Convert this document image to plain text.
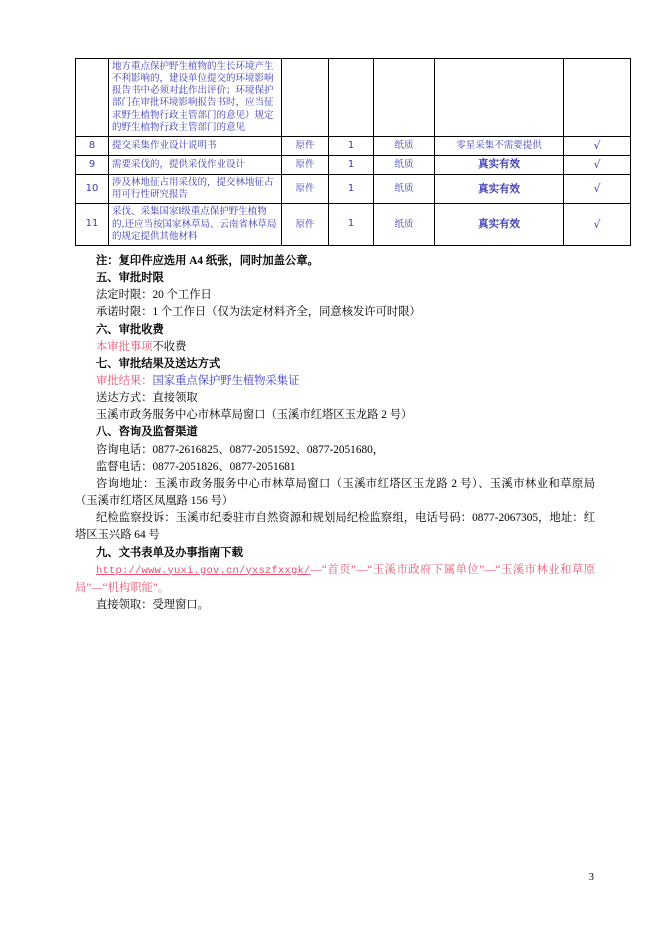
	地方重点保护野生植物的生长环境产生不利影响的，建设单位提交的环境影响报告书中必须对此作出评价；环境保护部门在审批环境影响报告书时，应当征求野生植物行政主管部门的意见）规定的野生植物行政主管部门的意见					
8	提交采集作业设计说明书	原件	1	纸质	零星采集不需要提供	√
9	需要采伐的，提供采伐作业设计	原件	1	纸质	真实有效	√
10	涉及林地征占用采伐的，提交林地征占用可行性研究报告	原件	1	纸质	真实有效	√
11	采伐、采集国家Ⅰ级重点保护野生植物的,还应当按国家林草局、云南省林草局的规定提供其他材料	原件	1	纸质	真实有效	√

注：复印件应选用 A4 纸张，同时加盖公章。

五、审批时限

法定时限：20 个工作日

承诺时限：1 个工作日（仅为法定材料齐全，同意核发许可时限）

六、审批收费

本审批事项不收费

七、审批结果及送达方式

审批结果：国家重点保护野生植物采集证

送达方式：直接领取

玉溪市政务服务中心市林草局窗口（玉溪市红塔区玉龙路 2 号）

八、咨询及监督渠道

咨询电话：0877-2616825、0877-2051592、0877-2051680，

监督电话：0877-2051826、0877-2051681

咨询地址：玉溪市政务服务中心市林草局窗口（玉溪市红塔区玉龙路 2 号）、玉溪市林业和草原局（玉溪市红塔区凤凰路 156 号）

纪检监察投诉：玉溪市纪委驻市自然资源和规划局纪检监察组，电话号码：0877-2067305，地址：红塔区玉兴路 64 号

九、文书表单及办事指南下载

http://www.yuxi.gov.cn/yxszfxxgk/—“首页”—“玉溪市政府下属单位”—“玉溪市林业和草原局”—“机构职能”。

直接领取：受理窗口。

3
